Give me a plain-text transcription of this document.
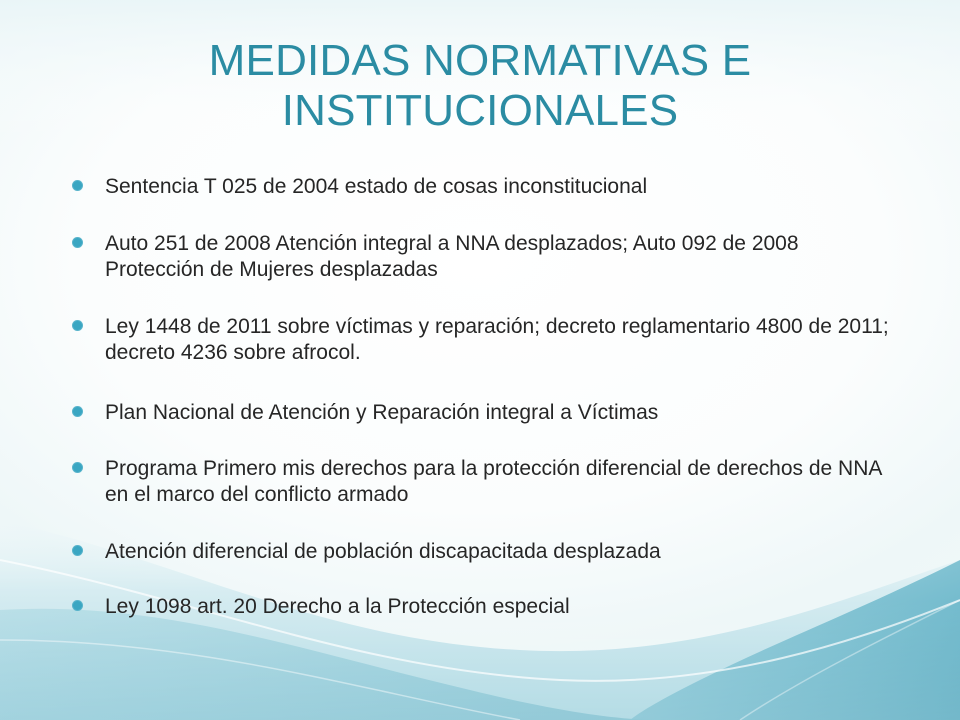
MEDIDAS NORMATIVAS E
INSTITUCIONALES
Sentencia T 025 de 2004 estado de cosas inconstitucional
Auto 251 de 2008 Atención integral a NNA desplazados; Auto 092 de 2008 Protección de Mujeres desplazadas
Ley 1448 de 2011 sobre víctimas y reparación; decreto reglamentario 4800 de 2011; decreto 4236 sobre afrocol.
Plan Nacional de Atención y Reparación integral a Víctimas
Programa Primero mis derechos para la protección diferencial de derechos de NNA en el marco del conflicto armado
Atención diferencial de población discapacitada desplazada
Ley 1098 art. 20 Derecho a la Protección especial
